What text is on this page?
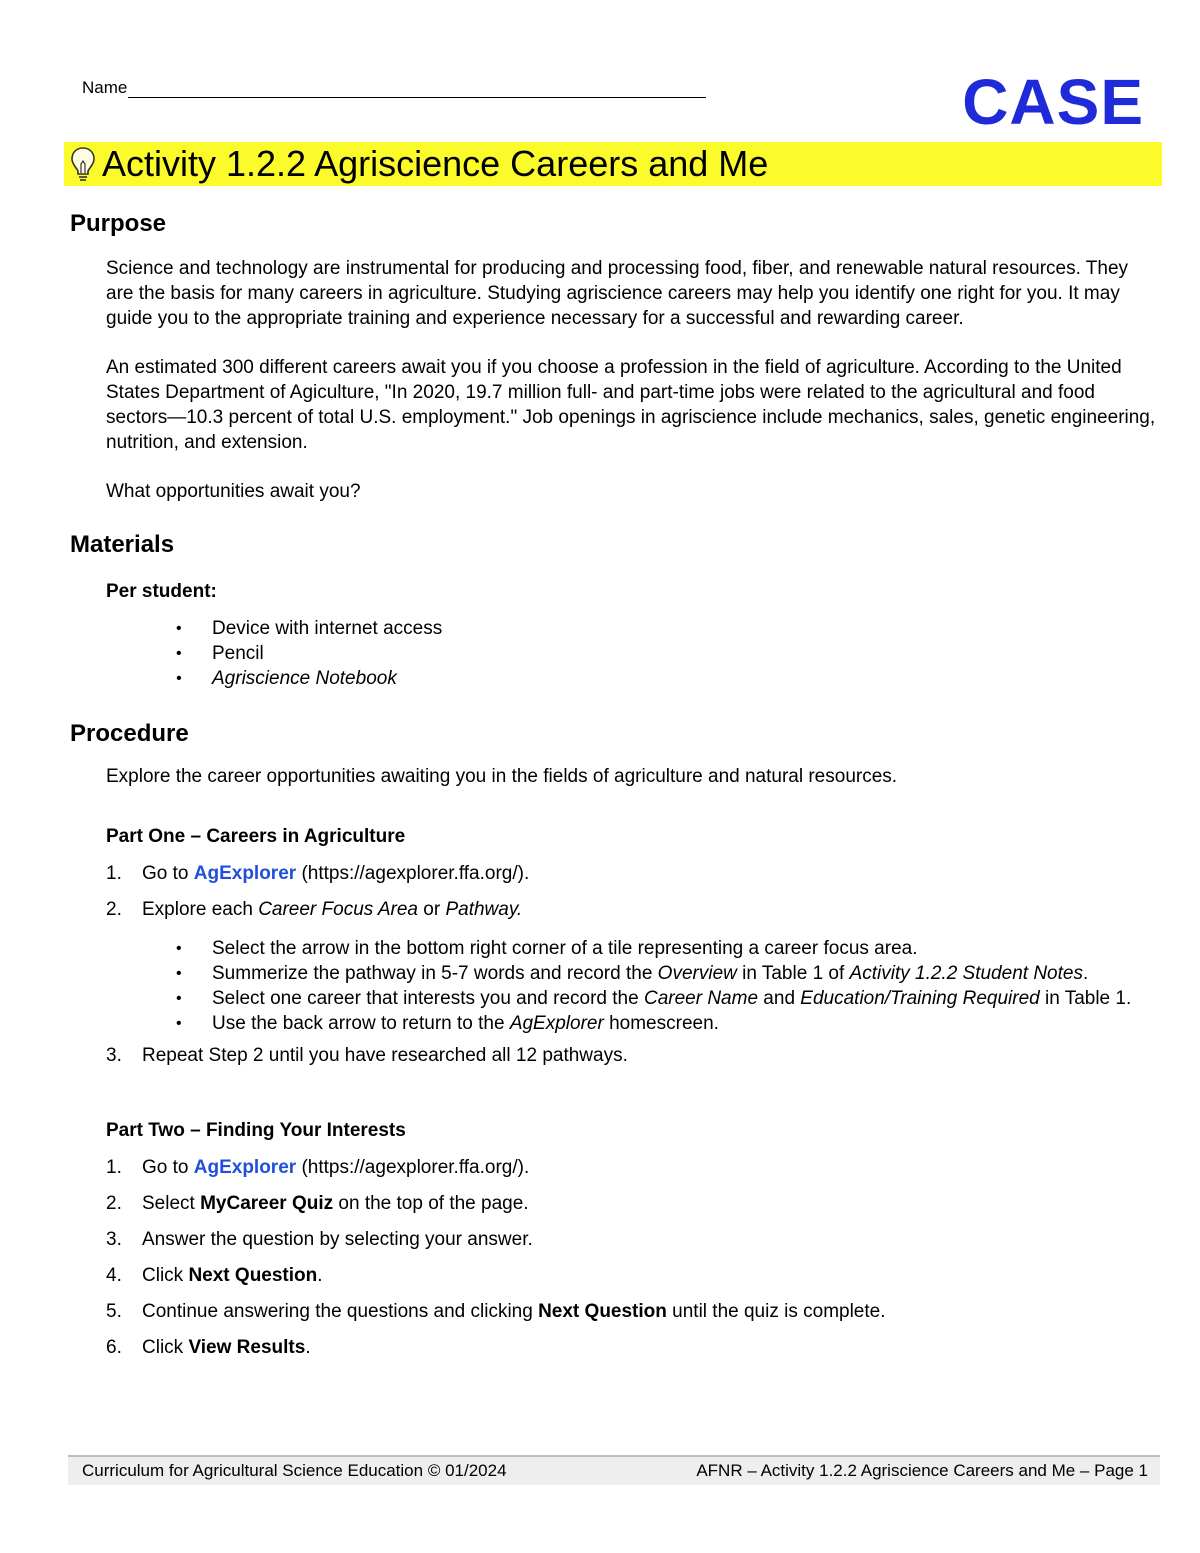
Name	CASE
Activity 1.2.2 Agriscience Careers and Me
Purpose

Science and technology are instrumental for producing and processing food, fiber, and renewable natural resources. They are the basis for many careers in agriculture. Studying agriscience careers may help you identify one right for you. It may guide you to the appropriate training and experience necessary for a successful and rewarding career.

An estimated 300 different careers await you if you choose a profession in the field of agriculture. According to the United States Department of Agiculture, "In 2020, 19.7 million full- and part-time jobs were related to the agricultural and food sectors—10.3 percent of total U.S. employment." Job openings in agriscience include mechanics, sales, genetic engineering, nutrition, and extension.

What opportunities await you?

Materials

Per student:

• Device with internet access
• Pencil
• Agriscience Notebook
Procedure

Explore the career opportunities awaiting you in the fields of agriculture and natural resources.

Part One – Careers in Agriculture
1. Go to AgExplorer (https://agexplorer.ffa.org/).
2. Explore each Career Focus Area or Pathway.
• Select the arrow in the bottom right corner of a tile representing a career focus area.
• Summerize the pathway in 5-7 words and record the Overview in Table 1 of Activity 1.2.2 Student Notes.
• Select one career that interests you and record the Career Name and Education/Training Required in Table 1.
• Use the back arrow to return to the AgExplorer homescreen.
3. Repeat Step 2 until you have researched all 12 pathways.
Part Two – Finding Your Interests
1. Go to AgExplorer (https://agexplorer.ffa.org/).
2. Select MyCareer Quiz on the top of the page.
3. Answer the question by selecting your answer.
4. Click Next Question.
5. Continue answering the questions and clicking Next Question until the quiz is complete.
6. Click View Results.
Curriculum for Agricultural Science Education © 01/2024	AFNR – Activity 1.2.2 Agriscience Careers and Me – Page 1
